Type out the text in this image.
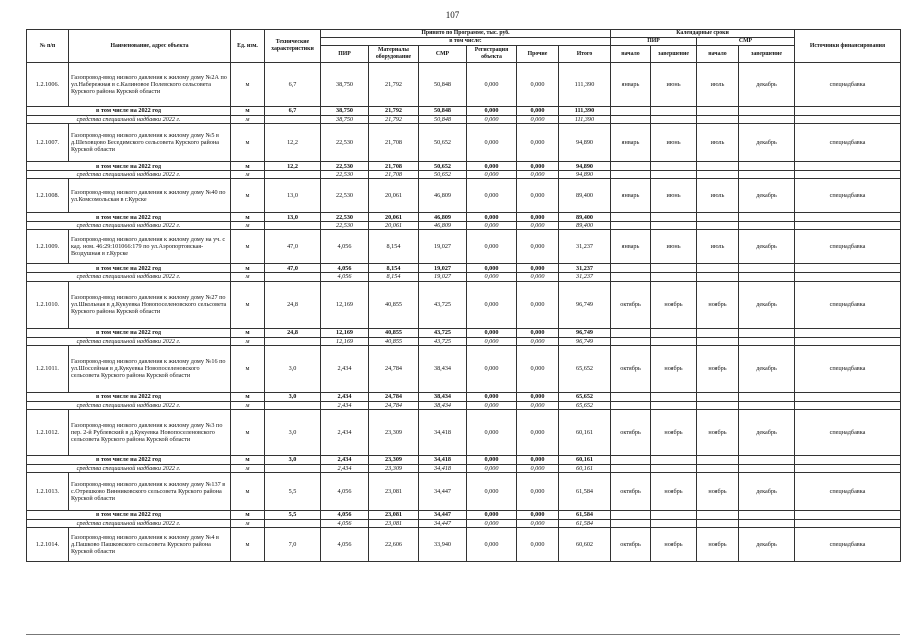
107
№ п/п	Наименование, адрес объекта	Ед. изм.	Технические характеристики	Принято по Программе, тыс. руб.						Календарные сроки				Источники финансирования
				в том числе:						ПИР		СМР		
				ПИР	Материалы оборудование	СМР	Регистрация объекта	Прочие	Итого	начало	завершение	начало	завершение	
1.2.1006.	Газопровод-ввод низкого давления к жилому дому №2А по ул.Набережная в с.Калиновое Полевского сельсовета Курского района Курской области	м	6,7	38,750	21,792	50,848	0,000	0,000	111,390	январь	июнь	июль	декабрь	спецнадбавка
в том числе на 2022 год		м	6,7	38,750	21,792	50,848	0,000	0,000	111,390					
средства специальной надбавки 2022 г.		м		38,750	21,792	50,848	0,000	0,000	111,390					
1.2.1007.	Газопровод-ввод низкого давления к жилому дому №5 в д.Шеховцово Беседимского сельсовета Курского района Курской области	м	12,2	22,530	21,708	50,652	0,000	0,000	94,890	январь	июнь	июль	декабрь	спецнадбавка
в том числе на 2022 год		м	12,2	22,530	21,708	50,652	0,000	0,000	94,890					
средства специальной надбавки 2022 г.		м		22,530	21,708	50,652	0,000	0,000	94,890					
1.2.1008.	Газопровод-ввод низкого давления к жилому дому №40 по ул.Комсомольская в г.Курске	м	13,0	22,530	20,061	46,809	0,000	0,000	89,400	январь	июнь	июль	декабрь	спецнадбавка
в том числе на 2022 год		м	13,0	22,530	20,061	46,809	0,000	0,000	89,400					
средства специальной надбавки 2022 г.		м		22,530	20,061	46,809	0,000	0,000	89,400					
1.2.1009.	Газопровод-ввод низкого давления к жилому дому на уч. с кад. ном. 46:29:101066:179 по ул.Аэропортовская-Воздушная в г.Курске	м	47,0	4,056	8,154	19,027	0,000	0,000	31,237	январь	июнь	июль	декабрь	спецнадбавка
в том числе на 2022 год		м	47,0	4,056	8,154	19,027	0,000	0,000	31,237					
средства специальной надбавки 2022 г.		м		4,056	8,154	19,027	0,000	0,000	31,237					
1.2.1010.	Газопровод-ввод низкого давления к жилому дому №27 по ул.Школьная в д.Кукуевка Новопоселеновского сельсовета Курского района Курской области	м	24,8	12,169	40,855	43,725	0,000	0,000	96,749	октябрь	ноябрь	ноябрь	декабрь	спецнадбавка
в том числе на 2022 год		м	24,8	12,169	40,855	43,725	0,000	0,000	96,749					
средства специальной надбавки 2022 г.		м		12,169	40,855	43,725	0,000	0,000	96,749					
1.2.1011.	Газопровод-ввод низкого давления к жилому дому №16 по ул.Шоссейная в д.Кукуевка Новопоселеновского сельсовета Курского района Курской области	м	3,0	2,434	24,784	38,434	0,000	0,000	65,652	октябрь	ноябрь	ноябрь	декабрь	спецнадбавка
в том числе на 2022 год		м	3,0	2,434	24,784	38,434	0,000	0,000	65,652					
средства специальной надбавки 2022 г.		м		2,434	24,784	38,434	0,000	0,000	65,652					
1.2.1012.	Газопровод-ввод низкого давления к жилому дому №3 по пер. 2-й Рублевский в д.Кукуевка Новопоселеновского сельсовета Курского района Курской области	м	3,0	2,434	23,309	34,418	0,000	0,000	60,161	октябрь	ноябрь	ноябрь	декабрь	спецнадбавка
в том числе на 2022 год		м	3,0	2,434	23,309	34,418	0,000	0,000	60,161					
средства специальной надбавки 2022 г.		м		2,434	23,309	34,418	0,000	0,000	60,161					
1.2.1013.	Газопровод-ввод низкого давления к жилому дому №137 в с.Отрешково Винниковского сельсовета Курского района Курской области	м	5,5	4,056	23,081	34,447	0,000	0,000	61,584	октябрь	ноябрь	ноябрь	декабрь	спецнадбавка
в том числе на 2022 год		м	5,5	4,056	23,081	34,447	0,000	0,000	61,584					
средства специальной надбавки 2022 г.		м		4,056	23,081	34,447	0,000	0,000	61,584					
1.2.1014.	Газопровод-ввод низкого давления к жилому дому №4 в д.Пашково Пашковского сельсовета Курского района Курской области	м	7,0	4,056	22,606	33,940	0,000	0,000	60,602	октябрь	ноябрь	ноябрь	декабрь	спецнадбавка
